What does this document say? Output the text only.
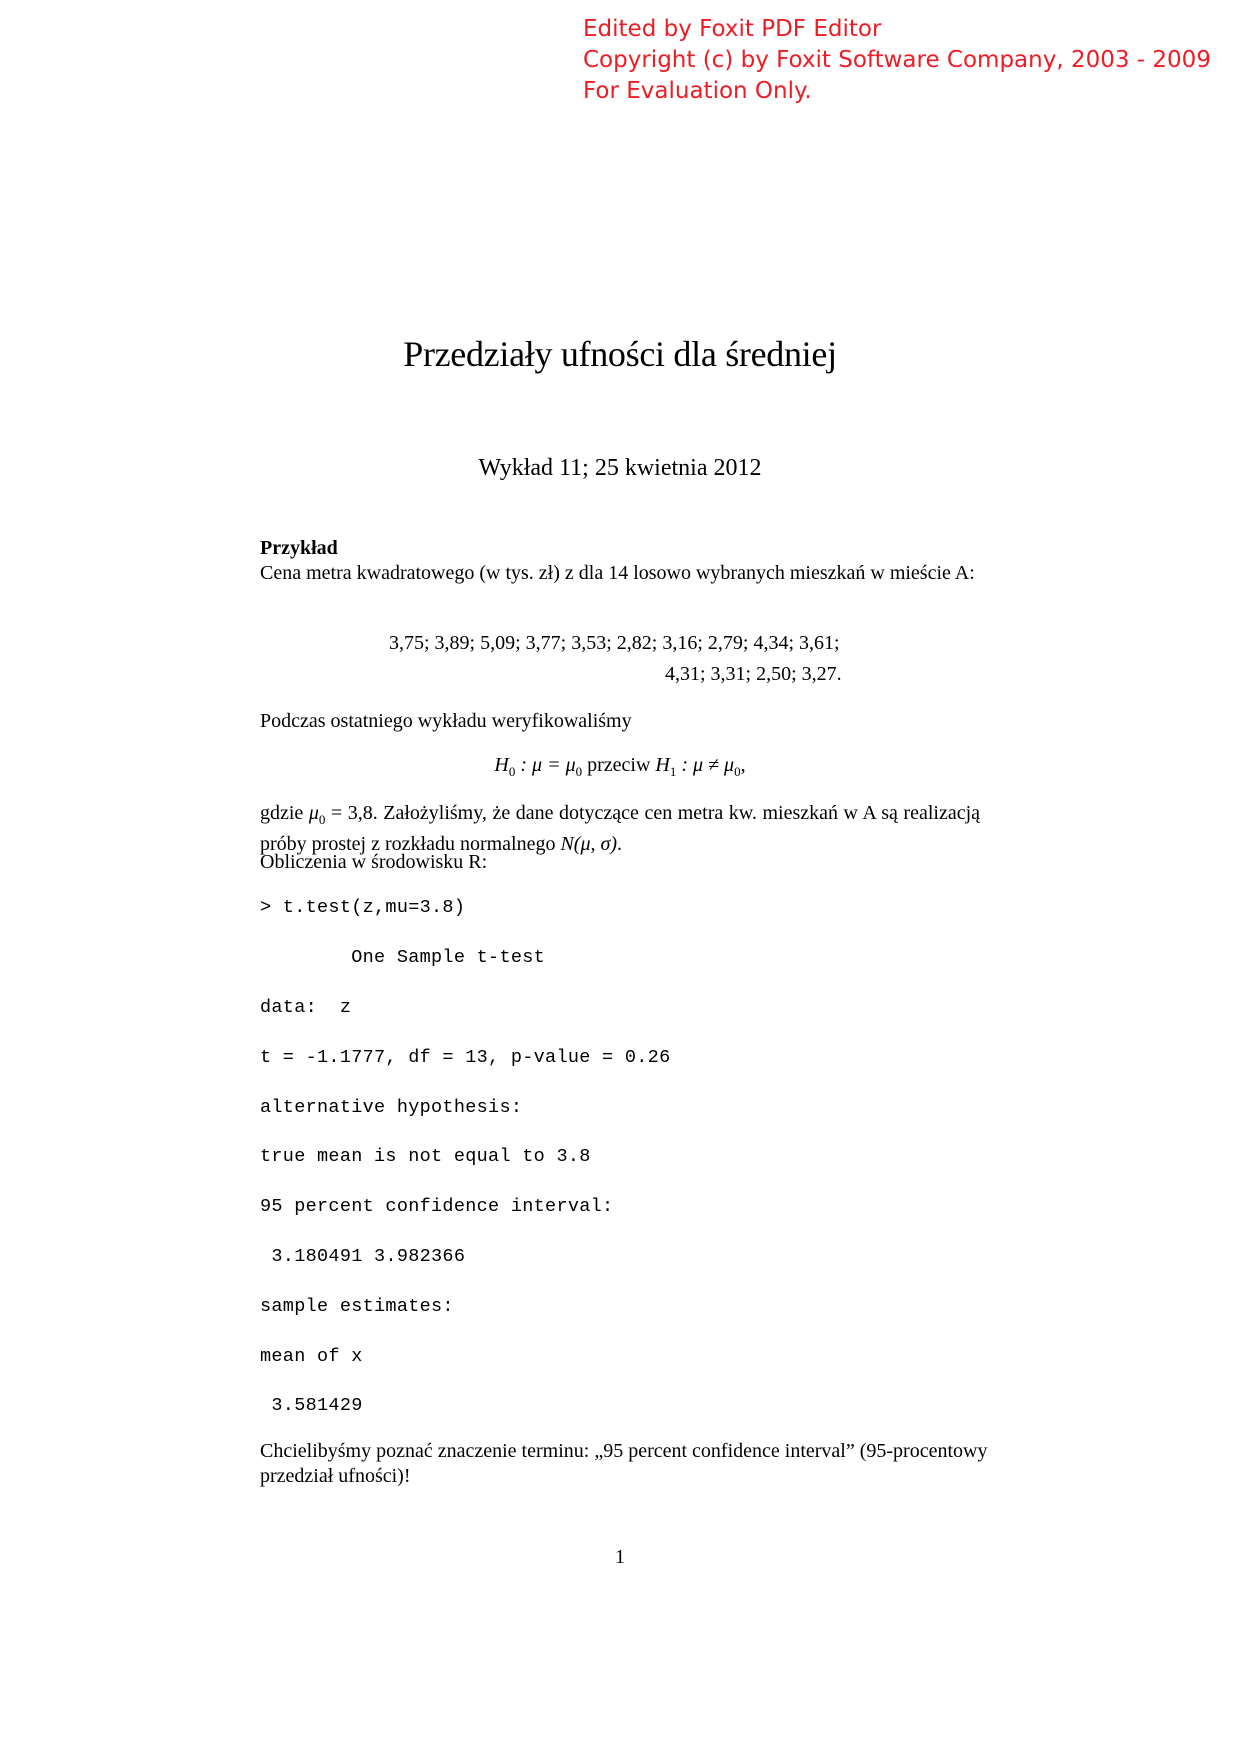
Edited by Foxit PDF Editor
Copyright (c) by Foxit Software Company, 2003 - 2009
For Evaluation Only.
Przedziały ufności dla średniej
Wykład 11; 25 kwietnia 2012
Przykład
Cena metra kwadratowego (w tys. zł) z dla 14 losowo wybranych mieszkań w mieście A:
3,75; 3,89; 5,09; 3,77; 3,53; 2,82; 3,16; 2,79; 4,34; 3,61;
4,31; 3,31; 2,50; 3,27.
Podczas ostatniego wykładu weryfikowaliśmy
$H_0$ : $\mu = \mu_0$ przeciw $H_1$ : $\mu \ne \mu_0$,
gdzie $\mu_0 = 3,8$. Założyliśmy, że dane dotyczące cen metra kw. mieszkań w A są realizacją próby prostej z rozkładu normalnego N(μ, σ).
Obliczenia w środowisku R:
> t.test(z,mu=3.8)
One Sample t-test
data:  z
t = -1.1777, df = 13, p-value = 0.26
alternative hypothesis:
true mean is not equal to 3.8
95 percent confidence interval:
3.180491 3.982366
sample estimates:
mean of x
3.581429
Chcielibyśmy poznać znaczenie terminu: „95 percent confidence interval” (95-procentowy przedział ufności)!
1
